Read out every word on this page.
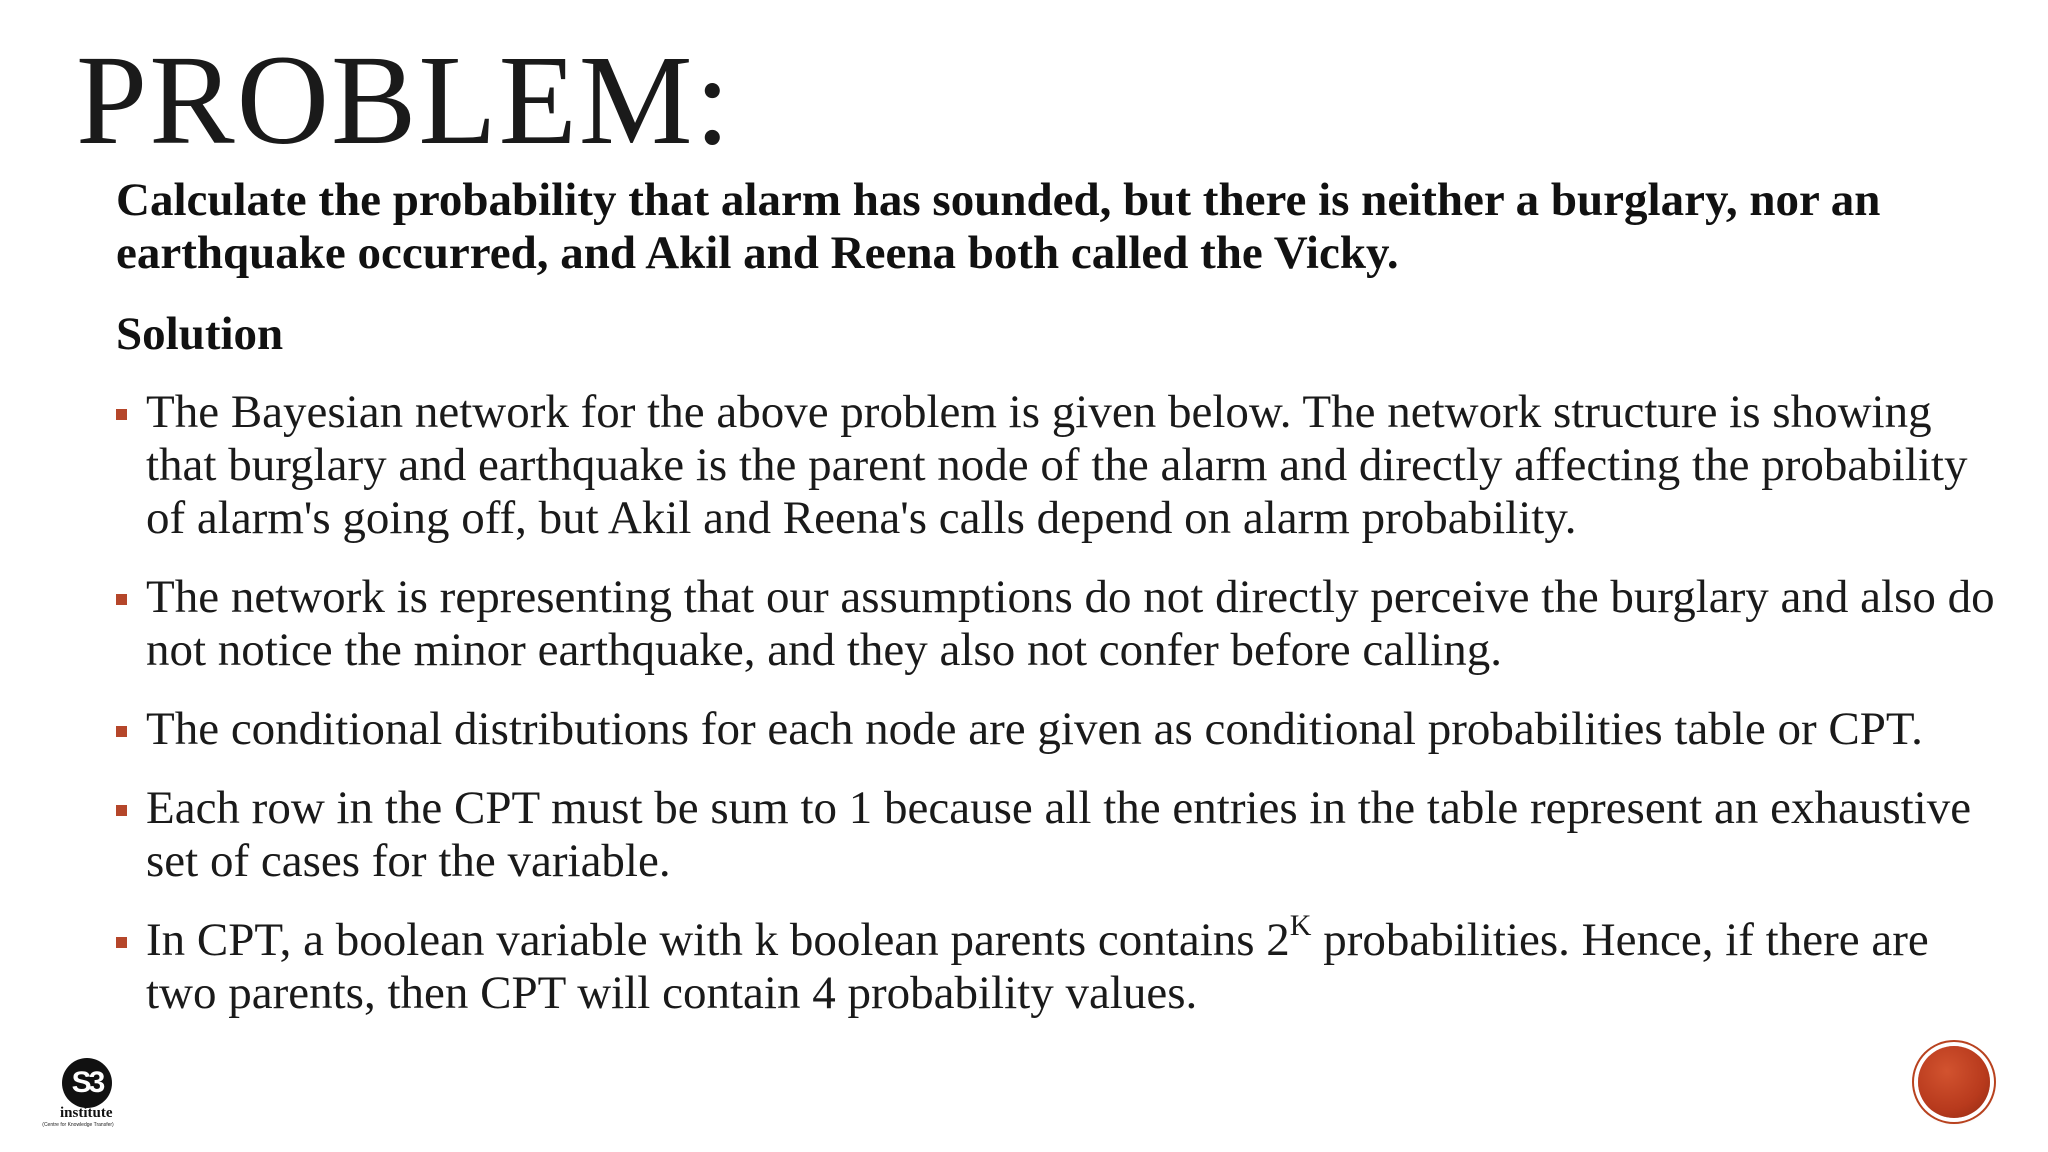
PROBLEM:

Calculate the probability that alarm has sounded, but there is neither a burglary, nor an earthquake occurred, and Akil and Reena both called the Vicky.

Solution

The Bayesian network for the above problem is given below. The network structure is showing that burglary and earthquake is the parent node of the alarm and directly affecting the probability of alarm's going off, but Akil and Reena's calls depend on alarm probability.
The network is representing that our assumptions do not directly perceive the burglary and also do not notice the minor earthquake, and they also not confer before calling.
The conditional distributions for each node are given as conditional probabilities table or CPT.
Each row in the CPT must be sum to 1 because all the entries in the table represent an exhaustive set of cases for the variable.
In CPT, a boolean variable with k boolean parents contains $2^K$ probabilities. Hence, if there are two parents, then CPT will contain 4 probability values.
S3
institute
(Centre for Knowledge Transfer)
